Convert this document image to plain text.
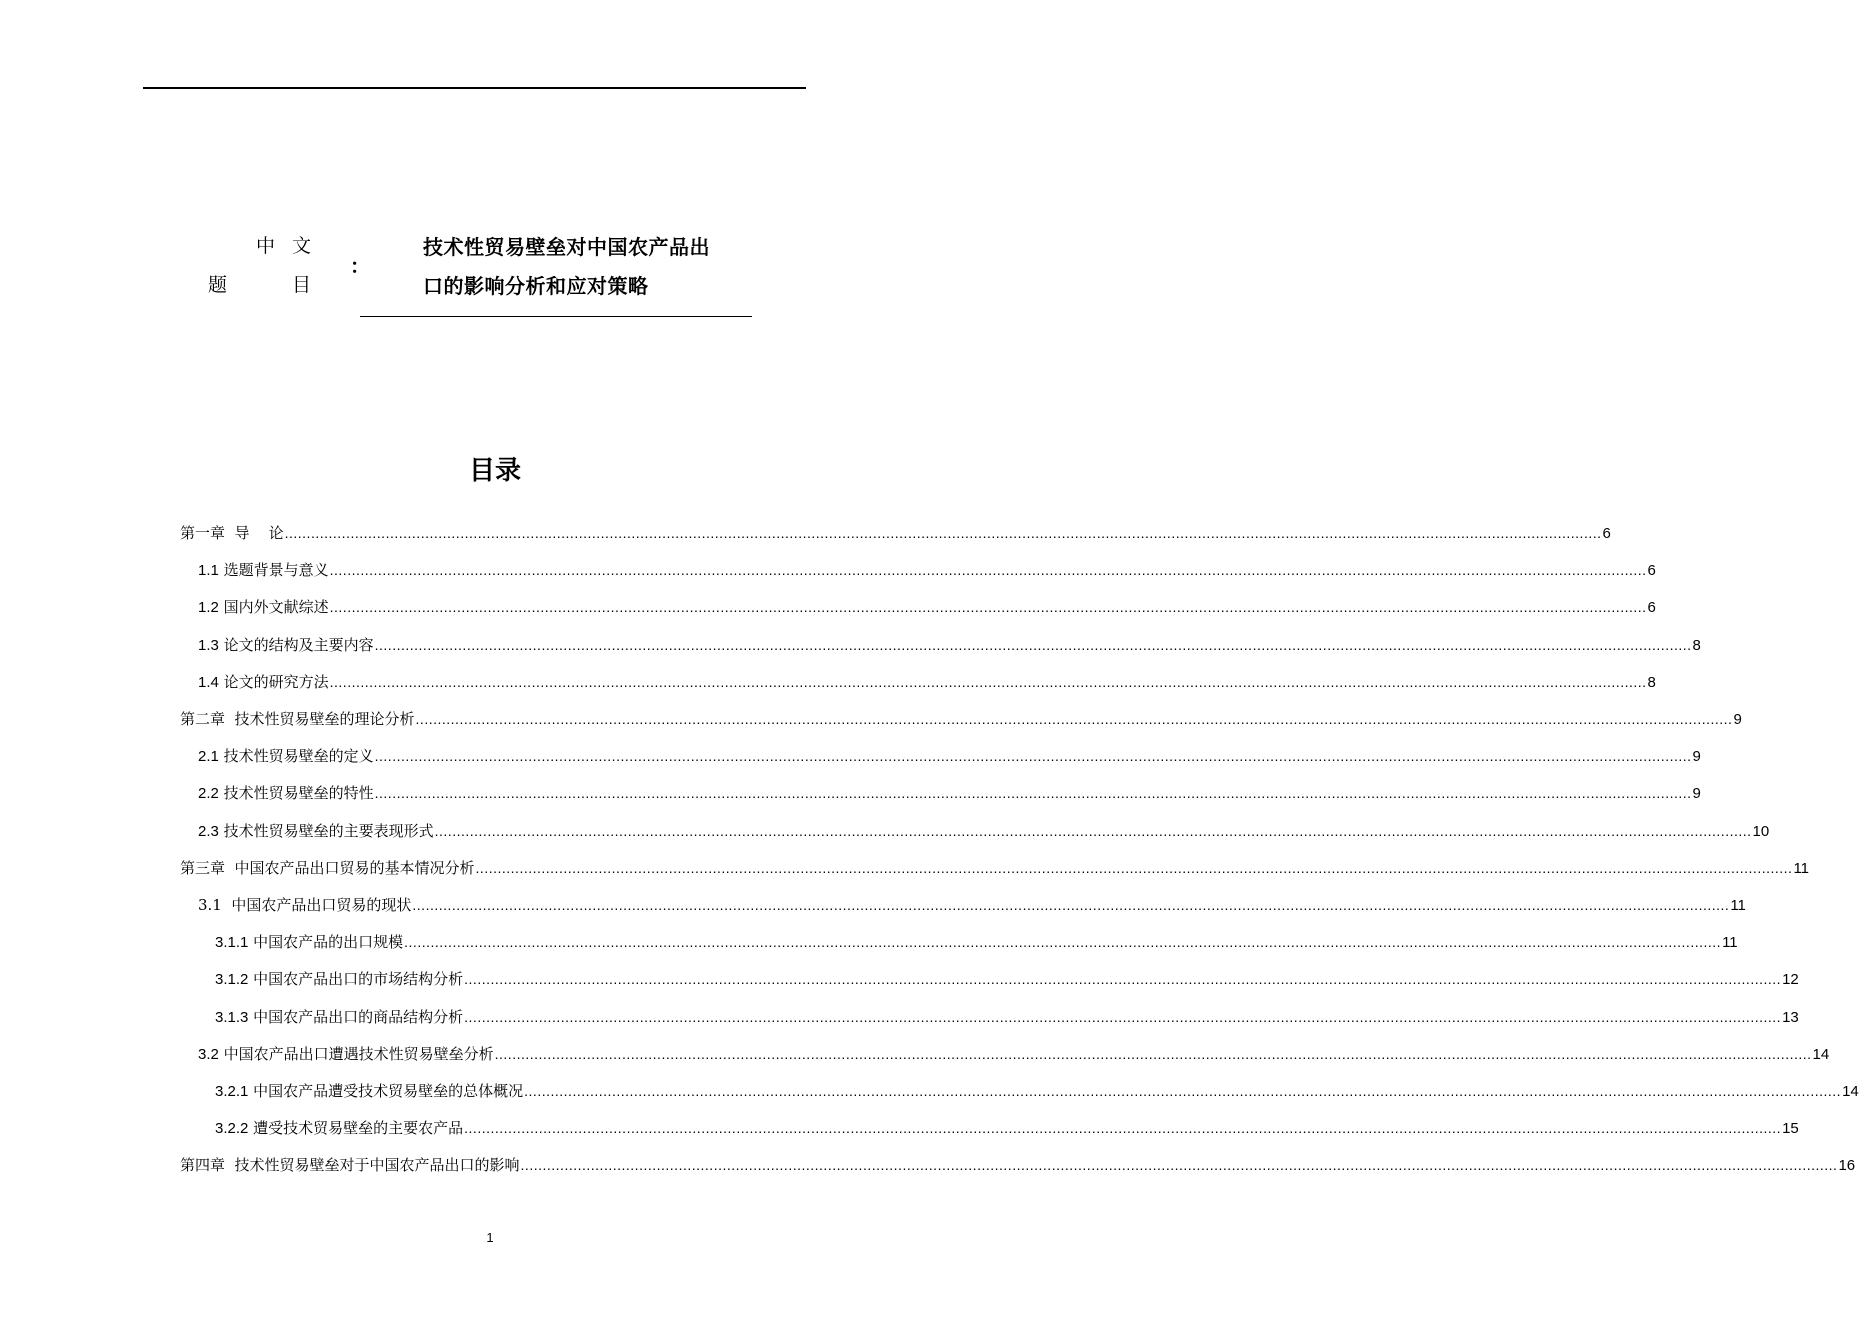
中 文
题	目
：
技术性贸易壁垒对中国农产品出
口的影响分析和应对策略
目录
第一章  导    论 ............................................................................................................................................................................................................................................................................................................ 6
1.1 选题背景与意义 ............................................................................................................................................................................................................................................................................................................ 6
1.2 国内外文献综述 ............................................................................................................................................................................................................................................................................................................ 6
1.3 论文的结构及主要内容 ............................................................................................................................................................................................................................................................................................................ 8
1.4 论文的研究方法 ............................................................................................................................................................................................................................................................................................................ 8
第二章  技术性贸易壁垒的理论分析 ............................................................................................................................................................................................................................................................................................................ 9
2.1 技术性贸易壁垒的定义 ............................................................................................................................................................................................................................................................................................................ 9
2.2 技术性贸易壁垒的特性 ............................................................................................................................................................................................................................................................................................................ 9
2.3 技术性贸易壁垒的主要表现形式 ............................................................................................................................................................................................................................................................................................................ 10
第三章  中国农产品出口贸易的基本情况分析 ............................................................................................................................................................................................................................................................................................................ 11
3.1  中国农产品出口贸易的现状 ............................................................................................................................................................................................................................................................................................................ 11
3.1.1 中国农产品的出口规模 ............................................................................................................................................................................................................................................................................................................ 11
3.1.2 中国农产品出口的市场结构分析 ............................................................................................................................................................................................................................................................................................................ 12
3.1.3 中国农产品出口的商品结构分析 ............................................................................................................................................................................................................................................................................................................ 13
3.2 中国农产品出口遭遇技术性贸易壁垒分析 ............................................................................................................................................................................................................................................................................................................ 14
3.2.1 中国农产品遭受技术贸易壁垒的总体概况 ............................................................................................................................................................................................................................................................................................................ 14
3.2.2 遭受技术贸易壁垒的主要农产品 ............................................................................................................................................................................................................................................................................................................ 15
第四章  技术性贸易壁垒对于中国农产品出口的影响 ............................................................................................................................................................................................................................................................................................................ 16
1
